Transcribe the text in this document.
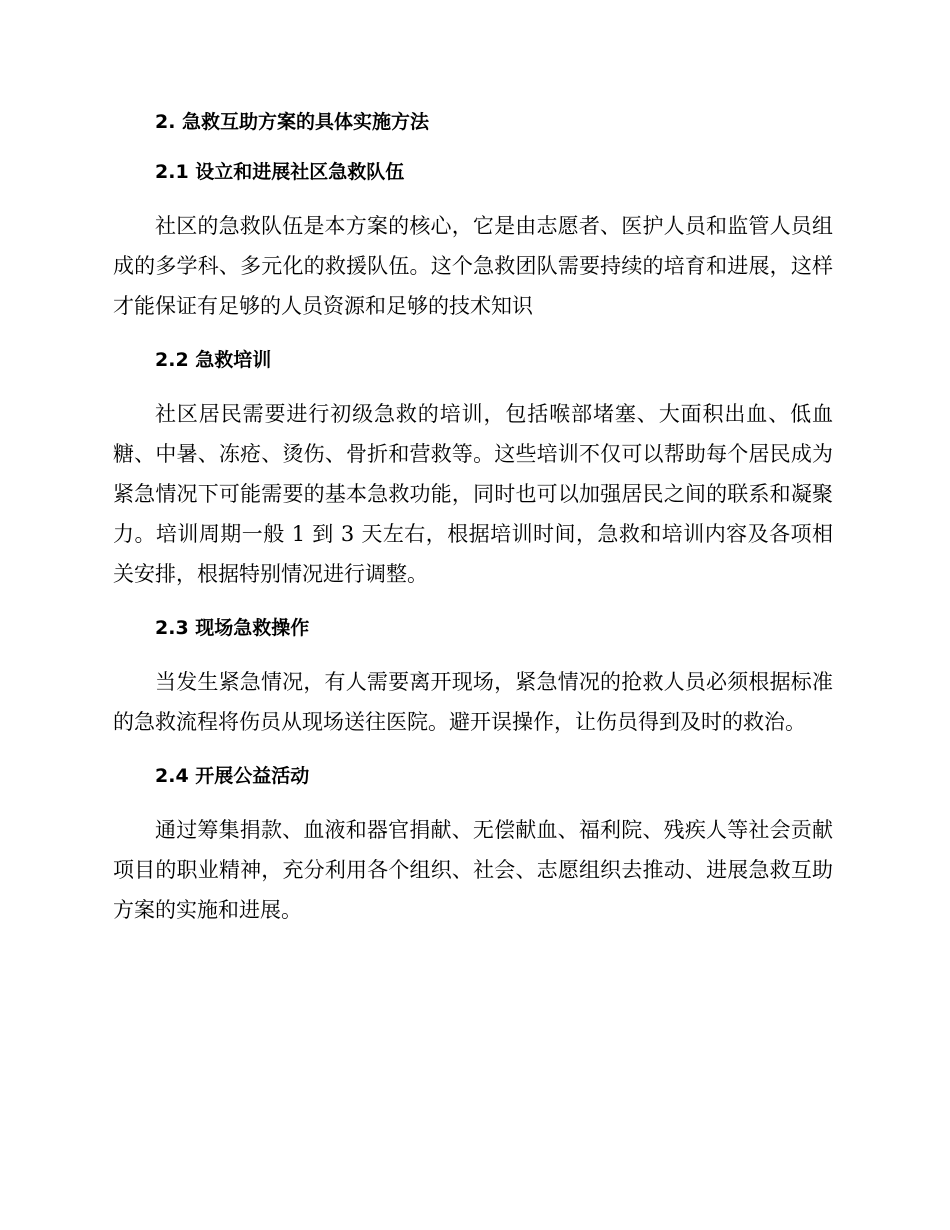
2. 急救互助方案的具体实施方法
2.1 设立和进展社区急救队伍

社区的急救队伍是本方案的核心，它是由志愿者、医护人员和监管人员组成的多学科、多元化的救援队伍。这个急救团队需要持续的培育和进展，这样才能保证有足够的人员资源和足够的技术知识

2.2 急救培训

社区居民需要进行初级急救的培训，包括喉部堵塞、大面积出血、低血糖、中暑、冻疮、烫伤、骨折和营救等。这些培训不仅可以帮助每个居民成为紧急情况下可能需要的基本急救功能，同时也可以加强居民之间的联系和凝聚力。培训周期一般 1 到 3 天左右，根据培训时间，急救和培训内容及各项相关安排，根据特别情况进行调整。

2.3 现场急救操作

当发生紧急情况，有人需要离开现场，紧急情况的抢救人员必须根据标准的急救流程将伤员从现场送往医院。避开误操作，让伤员得到及时的救治。

2.4 开展公益活动

通过筹集捐款、血液和器官捐献、无偿献血、福利院、残疾人等社会贡献项目的职业精神，充分利用各个组织、社会、志愿组织去推动、进展急救互助方案的实施和进展。
